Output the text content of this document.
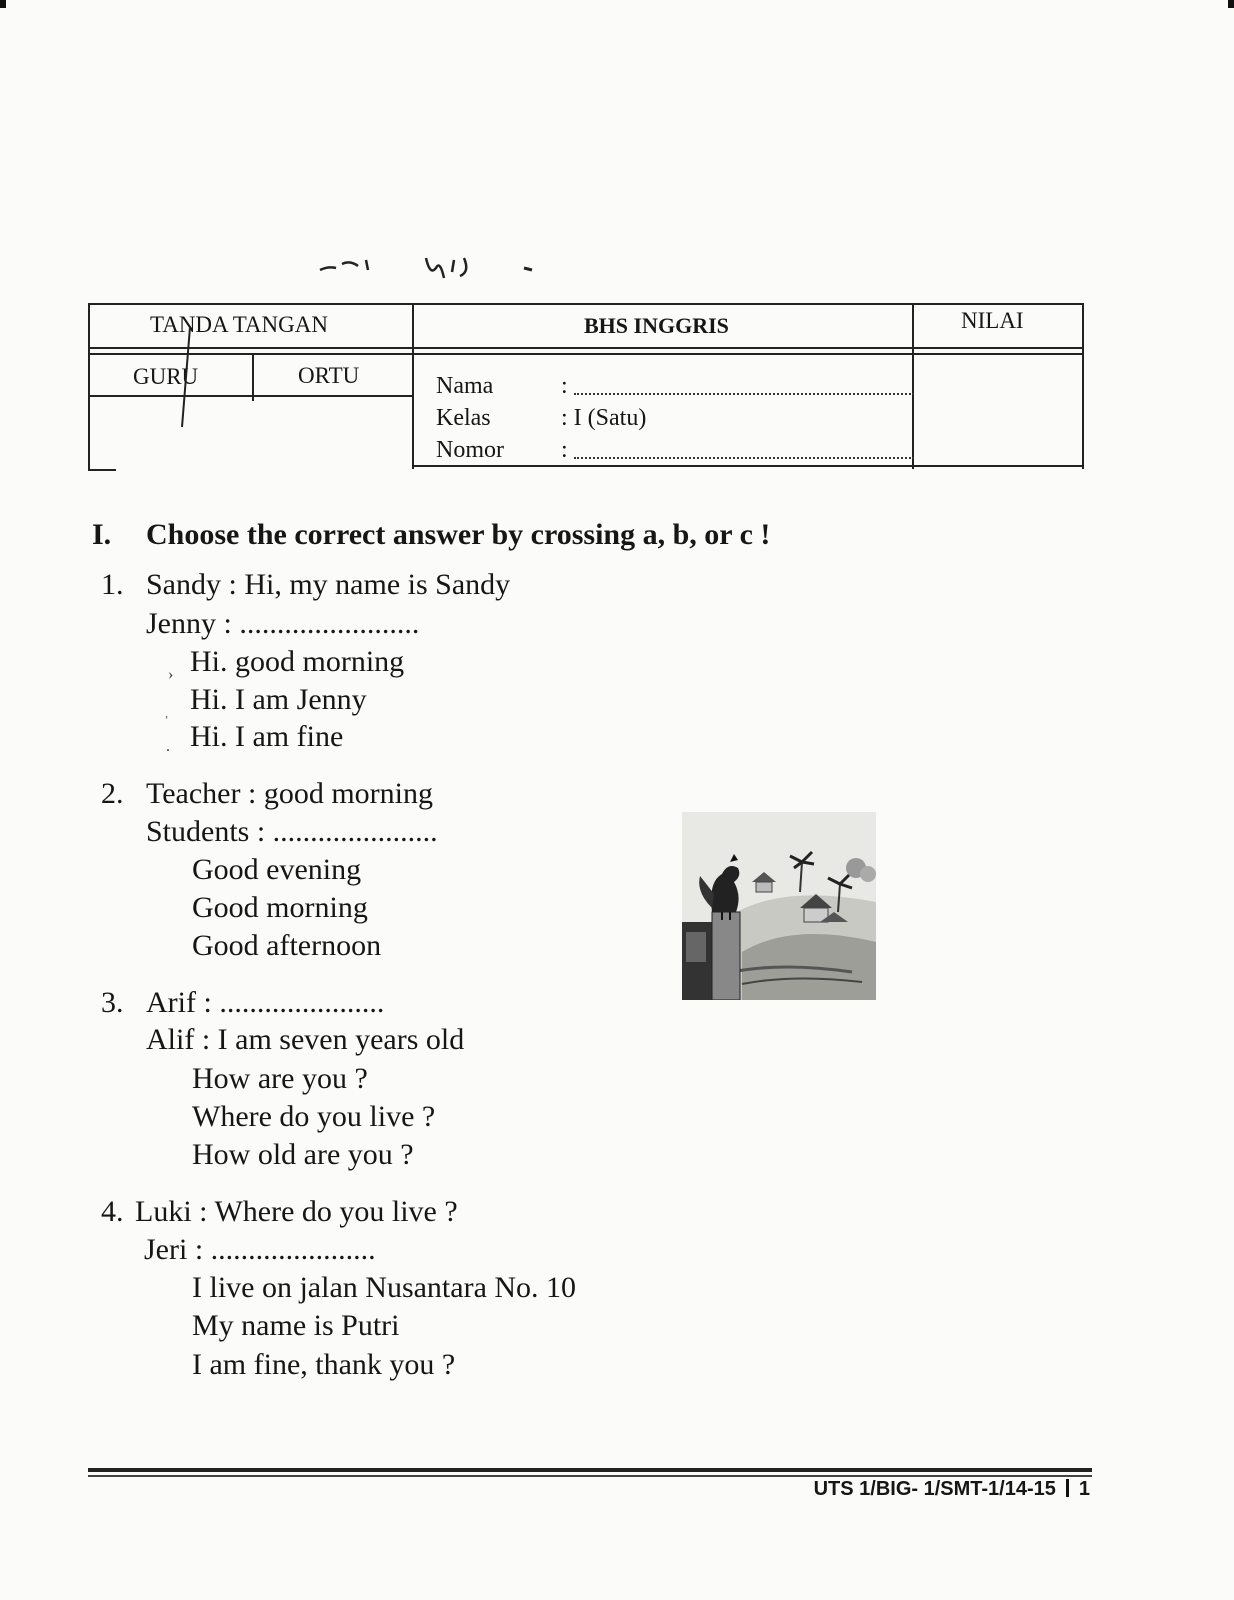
TANDA TANGAN	BHS INGGRIS	NILAI
GURU	ORTU	Nama	:
Kelas	: I (Satu)
Nomor :
I. Choose the correct answer by crossing a, b, or c !
1. Sandy : Hi, my name is Sandy
Jenny : ........................
› Hi. good morning
ˌ Hi. I am Jenny
. Hi. I am fine
2. Teacher : good morning
Students : ......................
Good evening
Good morning
Good afternoon
3. Arif : ......................
Alif : I am seven years old
How are you ?
Where do you live ?
How old are you ?
4. Luki : Where do you live ?
Jeri : ......................
I live on jalan Nusantara No. 10
My name is Putri
I am fine, thank you ?
UTS 1/BIG- 1/SMT-1/14-15 1
